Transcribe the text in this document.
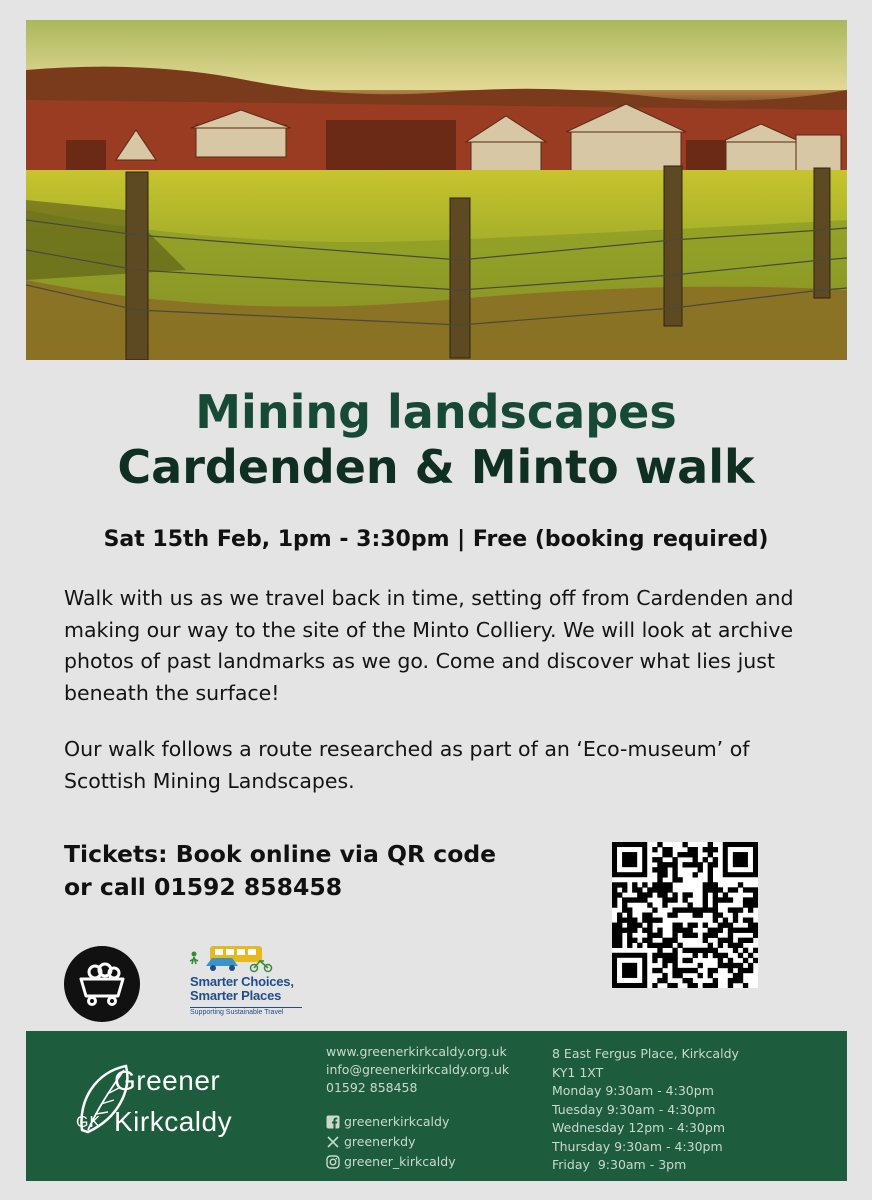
Mining landscapes
Cardenden & Minto walk
Sat 15th Feb, 1pm - 3:30pm | Free (booking required)
Walk with us as we travel back in time, setting off from Cardenden and making our way to the site of the Minto Colliery. We will look at archive photos of past landmarks as we go. Come and discover what lies just beneath the surface!
Our walk follows a route researched as part of an ‘Eco-museum’ of Scottish Mining Landscapes.
Tickets: Book online via QR code
or call 01592 858458
Smarter Choices,
Smarter Places
Supporting Sustainable Travel
Greener
Kirkcaldy
GK
www.greenerkirkcaldy.org.uk
info@greenerkirkcaldy.org.uk
01592 858458
greenerkirkcaldy
greenerkdy
greener_kirkcaldy
8 East Fergus Place, Kirkcaldy
KY1 1XT
Monday 9:30am - 4:30pm
Tuesday 9:30am - 4:30pm
Wednesday 12pm - 4:30pm
Thursday 9:30am - 4:30pm
Friday  9:30am - 3pm
